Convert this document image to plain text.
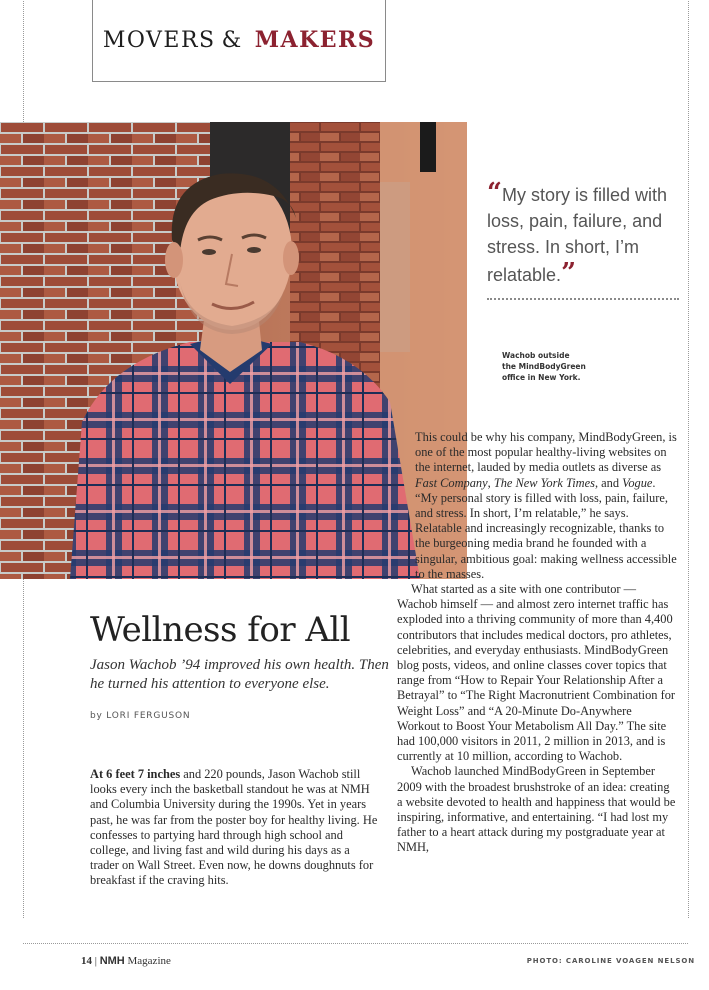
MOVERS & MAKERS
“My story is filled with loss, pain, failure, and stress. In short, I’m relatable.”
Wachob outside
the MindBodyGreen
office in New York.

This could be why his company, MindBodyGreen, is one of the most popular healthy-living websites on the internet, lauded by media outlets as diverse as Fast Company, The New York Times, and Vogue. “My personal story is filled with loss, pain, failure, and stress. In short, I’m relatable,” he says. Relatable and increasingly recognizable, thanks to the burgeoning media brand he founded with a singular, ambitious goal: making wellness accessible to the masses.

What started as a site with one contributor — Wachob himself — and almost zero internet traffic has exploded into a thriving community of more than 4,400 contributors that includes medical doctors, pro athletes, celebrities, and everyday enthusiasts. MindBodyGreen blog posts, videos, and online classes cover topics that range from “How to Repair Your Relationship After a Betrayal” to “The Right Macronutrient Combination for Weight Loss” and “A 20-Minute Do-Anywhere Workout to Boost Your Metabolism All Day.” The site had 100,000 visitors in 2011, 2 million in 2013, and is currently at 10 million, according to Wachob.

Wachob launched MindBodyGreen in September 2009 with the broadest brushstroke of an idea: creating a website devoted to health and happiness that would be inspiring, informative, and entertaining. “I had lost my father to a heart attack during my postgraduate year at NMH,

Wellness for All
Jason Wachob ’94 improved his own health. Then he turned his attention to everyone else.
by LORI FERGUSON
At 6 feet 7 inches and 220 pounds, Jason Wachob still looks every inch the basketball standout he was at NMH and Columbia University during the 1990s. Yet in years past, he was far from the poster boy for healthy living. He confesses to partying hard through high school and college, and living fast and wild during his days as a trader on Wall Street. Even now, he downs doughnuts for breakfast if the craving hits.
14 | NMH Magazine	PHOTO: CAROLINE VOAGEN NELSON
